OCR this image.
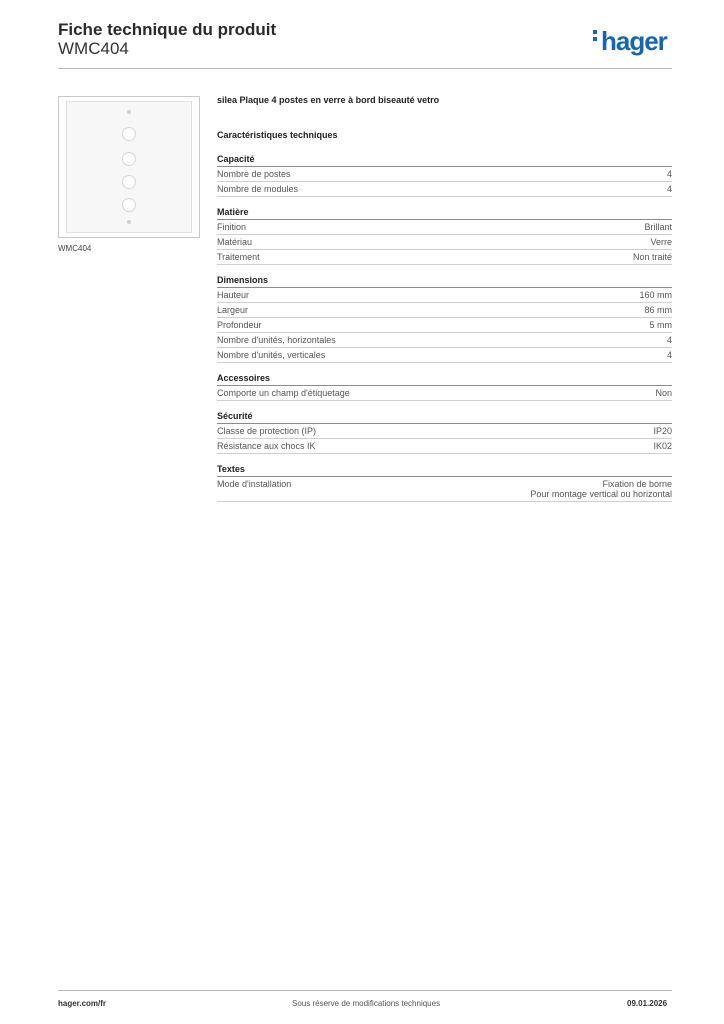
Fiche technique du produit
WMC404	hager
WMC404
silea Plaque 4 postes en verre à bord biseauté vetro
Caractéristiques techniques
Capacité
Nombre de postes	4
Nombre de modules	4
Matière
Finition	Brillant
Matériau	Verre
Traitement	Non traité
Dimensions
Hauteur	160 mm
Largeur	86 mm
Profondeur	5 mm
Nombre d'unités, horizontales	4
Nombre d'unités, verticales	4
Accessoires
Comporte un champ d'étiquetage	Non
Sécurité
Classe de protection (IP)	IP20
Résistance aux chocs IK	IK02
Textes
Mode d'installation	Fixation de borne
Pour montage vertical ou horizontal
hager.com/fr	Sous réserve de modifications techniques	09.01.2026
